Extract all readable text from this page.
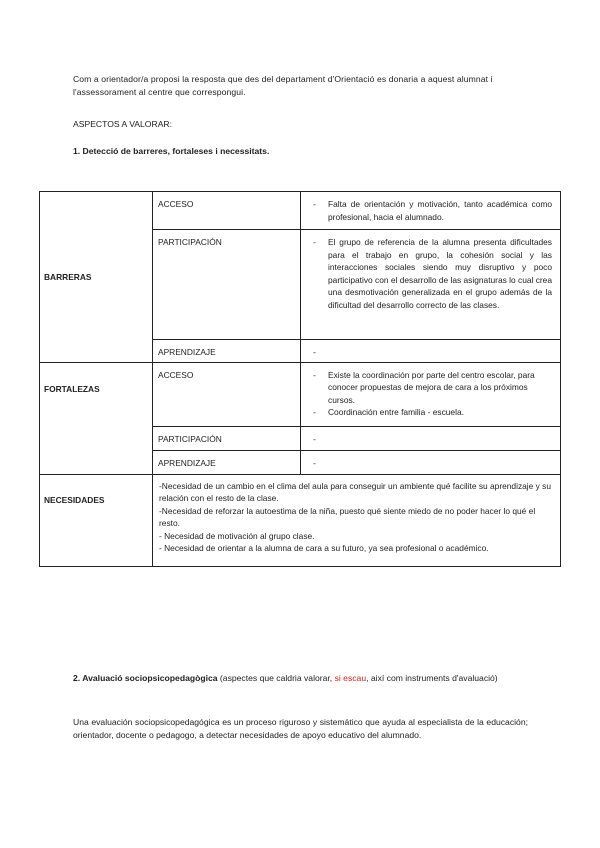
Com a orientador/a proposi la resposta que des del departament d'Orientació es donaria a aquest alumnat i l'assessorament al centre que correspongui.
ASPECTOS A VALORAR:
1. Detecció de barreres, fortaleses i necessitats.
BARRERAS	ACCESO	- Falta de orientación y motivación, tanto académica como profesional, hacia el alumnado.

	PARTICIPACIÓN	- El grupo de referencia de la alumna presenta dificultades para el trabajo en grupo, la cohesión social y las interacciones sociales siendo muy disruptivo y poco participativo con el desarrollo de las asignaturas lo cual crea una desmotivación generalizada en el grupo además de la dificultad del desarrollo correcto de las clases.

	APRENDIZAJE	-

FORTALEZAS	ACCESO	- Existe la coordinación por parte del centro escolar, para conocer propuestas de mejora de cara a los próximos cursos.
- Coordinación entre familia - escuela.

	PARTICIPACIÓN	-

	APRENDIZAJE	-

NECESIDADES	-Necesidad de un cambio en el clima del aula para conseguir un ambiente qué facilite su aprendizaje y su relación con el resto de la clase.
-Necesidad de reforzar la autoestima de la niña, puesto qué siente miedo de no poder hacer lo qué el resto.
- Necesidad de motivación al grupo clase.
- Necesidad de orientar a la alumna de cara a su futuro, ya sea profesional o académico.	
2. Avaluació sociopsicopedagògica (aspectes que caldria valorar, si escau, així com instruments d'avaluació)
Una evaluación sociopsicopedagógica es un proceso riguroso y sistemático que ayuda al especialista de la educación; orientador, docente o pedagogo, a detectar necesidades de apoyo educativo del alumnado.
